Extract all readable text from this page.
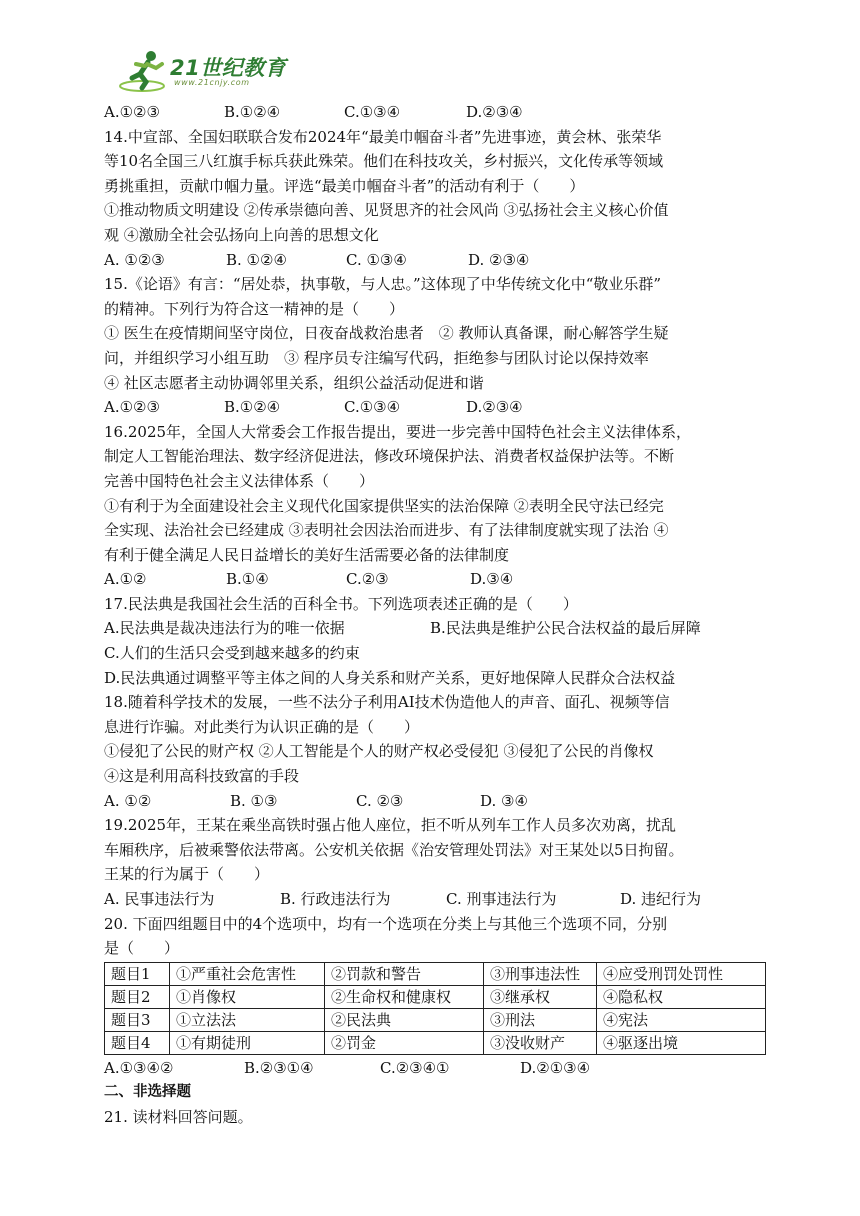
21世纪教育
www.21cnjy.com
A.①②③	B.①②④	C.①③④	D.②③④
14.中宣部、全国妇联联合发布2024年“最美巾帼奋斗者”先进事迹，黄会林、张荣华
等10名全国三八红旗手标兵获此殊荣。他们在科技攻关，乡村振兴，文化传承等领域
勇挑重担，贡献巾帼力量。评选“最美巾帼奋斗者”的活动有利于（　　）
①推动物质文明建设 ②传承崇德向善、见贤思齐的社会风尚 ③弘扬社会主义核心价值
观 ④激励全社会弘扬向上向善的思想文化
A. ①②③	B. ①②④	C. ①③④	D. ②③④
15.《论语》有言：“居处恭，执事敬，与人忠。”这体现了中华传统文化中“敬业乐群”
的精神。下列行为符合这一精神的是（　　）
① 医生在疫情期间坚守岗位，日夜奋战救治患者　② 教师认真备课，耐心解答学生疑
问，并组织学习小组互助　③ 程序员专注编写代码，拒绝参与团队讨论以保持效率
④ 社区志愿者主动协调邻里关系，组织公益活动促进和谐
A.①②③	B.①②④	C.①③④	D.②③④
16.2025年，全国人大常委会工作报告提出，要进一步完善中国特色社会主义法律体系，
制定人工智能治理法、数字经济促进法，修改环境保护法、消费者权益保护法等。不断
完善中国特色社会主义法律体系（　　）
①有利于为全面建设社会主义现代化国家提供坚实的法治保障 ②表明全民守法已经完
全实现、法治社会已经建成 ③表明社会因法治而进步、有了法律制度就实现了法治 ④
有利于健全满足人民日益增长的美好生活需要必备的法律制度
A.①②	B.①④	C.②③	D.③④
17.民法典是我国社会生活的百科全书。下列选项表述正确的是（　　）
A.民法典是裁决违法行为的唯一依据	B.民法典是维护公民合法权益的最后屏障
C.人们的生活只会受到越来越多的约束
D.民法典通过调整平等主体之间的人身关系和财产关系，更好地保障人民群众合法权益
18.随着科学技术的发展，一些不法分子利用AI技术伪造他人的声音、面孔、视频等信
息进行诈骗。对此类行为认识正确的是（　　）
①侵犯了公民的财产权 ②人工智能是个人的财产权必受侵犯 ③侵犯了公民的肖像权
④这是利用高科技致富的手段
A. ①②	B. ①③	C. ②③	D. ③④
19.2025年，王某在乘坐高铁时强占他人座位，拒不听从列车工作人员多次劝离，扰乱
车厢秩序，后被乘警依法带离。公安机关依据《治安管理处罚法》对王某处以5日拘留。
王某的行为属于（　　）
A. 民事违法行为	B. 行政违法行为	C. 刑事违法行为	D. 违纪行为
20. 下面四组题目中的4个选项中，均有一个选项在分类上与其他三个选项不同，分别
是（　　）
题目1	①严重社会危害性	②罚款和警告	③刑事违法性	④应受刑罚处罚性
题目2	①肖像权	②生命权和健康权	③继承权	④隐私权
题目3	①立法法	②民法典	③刑法	④宪法
题目4	①有期徒刑	②罚金	③没收财产	④驱逐出境
A.①③④②	B.②③①④	C.②③④①	D.②①③④
二、非选择题
21. 读材料回答问题。
